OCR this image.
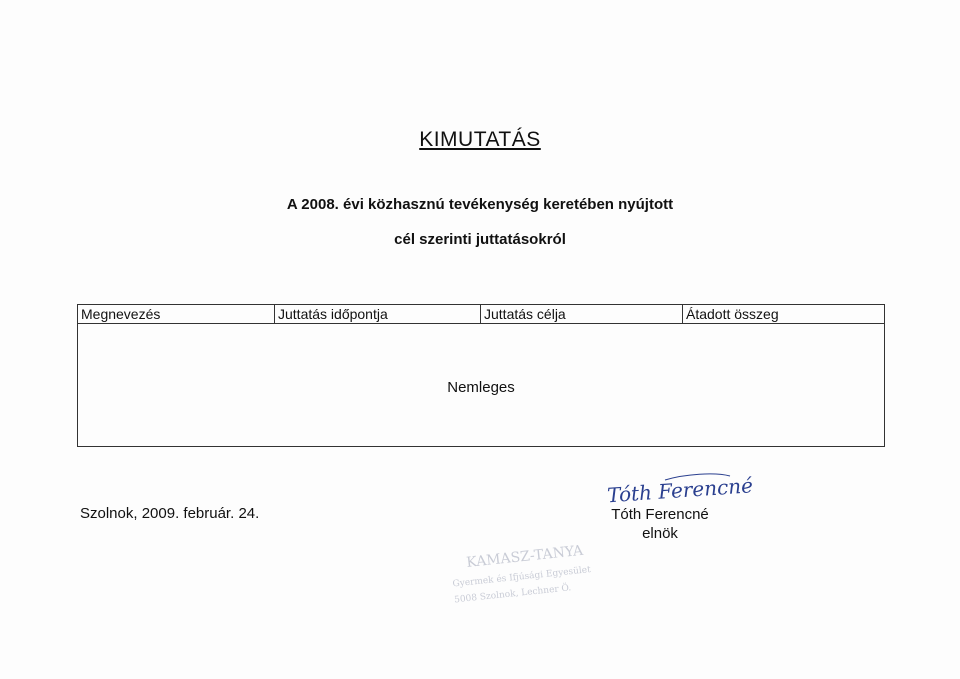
KIMUTATÁS
A 2008. évi közhasznú tevékenység keretében nyújtott
cél szerinti juttatásokról
Megnevezés	Juttatás időpontja	Juttatás célja	Átadott összeg
Nemleges
Szolnok, 2009. február. 24.
Tóth Ferencné
Tóth Ferencné
elnök
KAMASZ-TANYA
Gyermek és Ifjúsági Egyesület
5008 Szolnok, Lechner Ö.
